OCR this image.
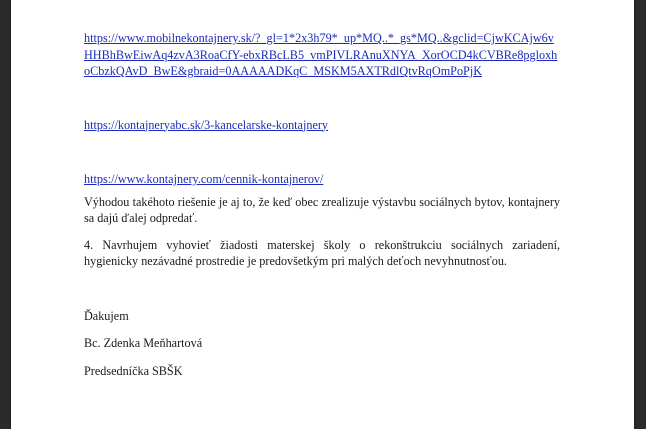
https://www.mobilnekontajnery.sk/?_gl=1*2x3h79*_up*MQ..*_gs*MQ..&gclid=CjwKCAjw6vHHBhBwEiwAq4zvA3RoaCfY-ebxRBcLB5_vmPIVLRAnuXNYA_XorOCD4kCVBRe8pgloxhoCbzkQAvD_BwE&gbraid=0AAAAADKqC_MSKM5AXTRdlQtvRqOmPoPjK

https://kontajneryabc.sk/3-kancelarske-kontajnery

https://www.kontajnery.com/cennik-kontajnerov/

Výhodou takéhoto riešenie je aj to, že keď obec zrealizuje výstavbu sociálnych bytov, kontajnery sa dajú ďalej odpredať.

4. Navrhujem vyhovieť žiadosti materskej školy o rekonštrukciu sociálnych zariadení, hygienicky nezávadné prostredie je predovšetkým pri malých deťoch nevyhnutnosťou.

Ďakujem

Bc. Zdenka Meňhartová

Predsedníčka SBŠK
